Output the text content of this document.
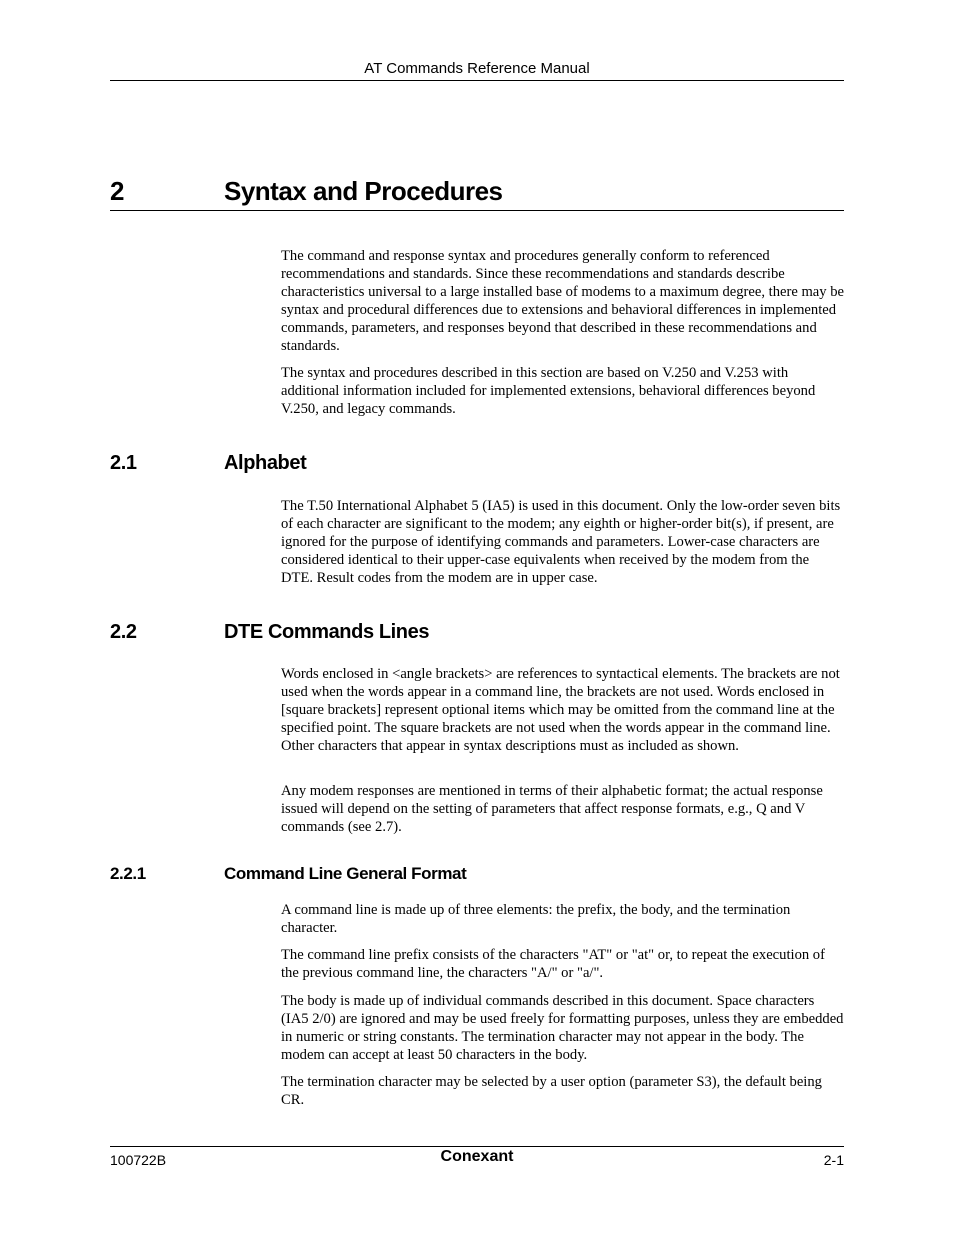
AT Commands Reference Manual
2	Syntax and Procedures

The command and response syntax and procedures generally conform to referenced recommendations and standards. Since these recommendations and standards describe characteristics universal to a large installed base of modems to a maximum degree, there may be syntax and procedural differences due to extensions and behavioral differences in implemented commands, parameters, and responses beyond that described in these recommendations and standards.

The syntax and procedures described in this section are based on V.250 and V.253 with additional information included for implemented extensions, behavioral differences beyond V.250, and legacy commands.

2.1	Alphabet

The T.50 International Alphabet 5 (IA5) is used in this document. Only the low-order seven bits of each character are significant to the modem; any eighth or higher-order bit(s), if present, are ignored for the purpose of identifying commands and parameters. Lower-case characters are considered identical to their upper-case equivalents when received by the modem from the DTE. Result codes from the modem are in upper case.

2.2	DTE Commands Lines

Words enclosed in <angle brackets> are references to syntactical elements. The brackets are not used when the words appear in a command line, the brackets are not used. Words enclosed in [square brackets] represent optional items which may be omitted from the command line at the specified point. The square brackets are not used when the words appear in the command line. Other characters that appear in syntax descriptions must as included as shown.

Any modem responses are mentioned in terms of their alphabetic format; the actual response issued will depend on the setting of parameters that affect response formats, e.g., Q and V commands (see 2.7).

2.2.1	Command Line General Format

A command line is made up of three elements: the prefix, the body, and the termination character.

The command line prefix consists of the characters "AT" or "at" or, to repeat the execution of the previous command line, the characters "A/" or "a/".

The body is made up of individual commands described in this document. Space characters (IA5 2/0) are ignored and may be used freely for formatting purposes, unless they are embedded in numeric or string constants. The termination character may not appear in the body. The modem can accept at least 50 characters in the body.

The termination character may be selected by a user option (parameter S3), the default being CR.

100722B	Conexant	2-1
